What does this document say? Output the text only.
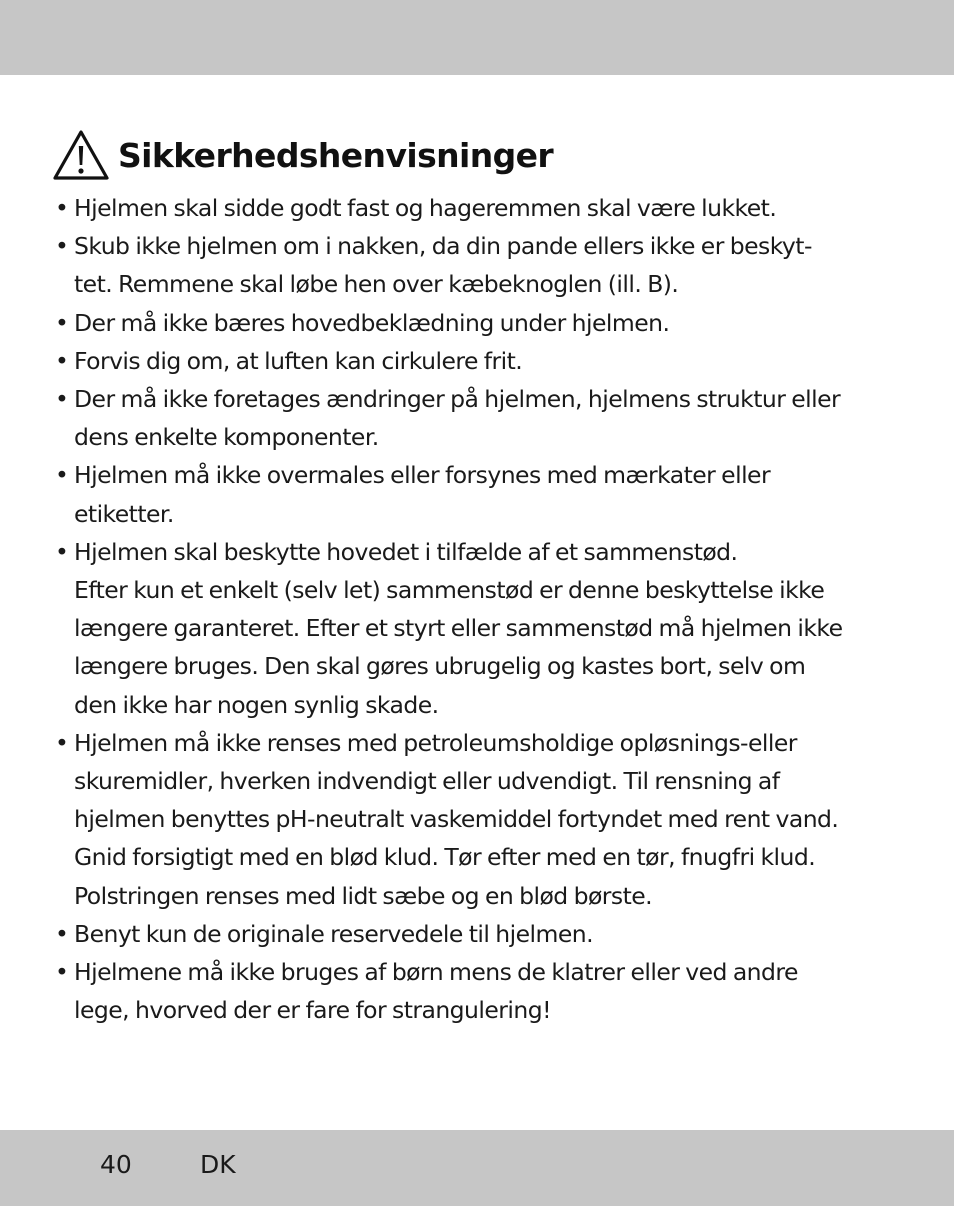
Sikkerhedshenvisninger
• Hjelmen skal sidde godt fast og hageremmen skal være lukket.
• Skub ikke hjelmen om i nakken, da din pande ellers ikke er beskyt-
tet. Remmene skal løbe hen over kæbeknoglen (ill. B).
• Der må ikke bæres hovedbeklædning under hjelmen.
• Forvis dig om, at luften kan cirkulere frit.
• Der må ikke foretages ændringer på hjelmen, hjelmens struktur eller
dens enkelte komponenter.
• Hjelmen må ikke overmales eller forsynes med mærkater eller
etiketter.
• Hjelmen skal beskytte hovedet i tilfælde af et sammenstød.
Efter kun et enkelt (selv let) sammenstød er denne beskyttelse ikke
længere garanteret. Efter et styrt eller sammenstød må hjelmen ikke
længere bruges. Den skal gøres ubrugelig og kastes bort, selv om
den ikke har nogen synlig skade.
• Hjelmen må ikke renses med petroleumsholdige opløsnings-eller
skuremidler, hverken indvendigt eller udvendigt. Til rensning af
hjelmen benyttes pH-neutralt vaskemiddel fortyndet med rent vand.
Gnid forsigtigt med en blød klud. Tør efter med en tør, fnugfri klud.
Polstringen renses med lidt sæbe og en blød børste.
• Benyt kun de originale reservedele til hjelmen.
• Hjelmene må ikke bruges af børn mens de klatrer eller ved andre
lege, hvorved der er fare for strangulering!
40	DK
